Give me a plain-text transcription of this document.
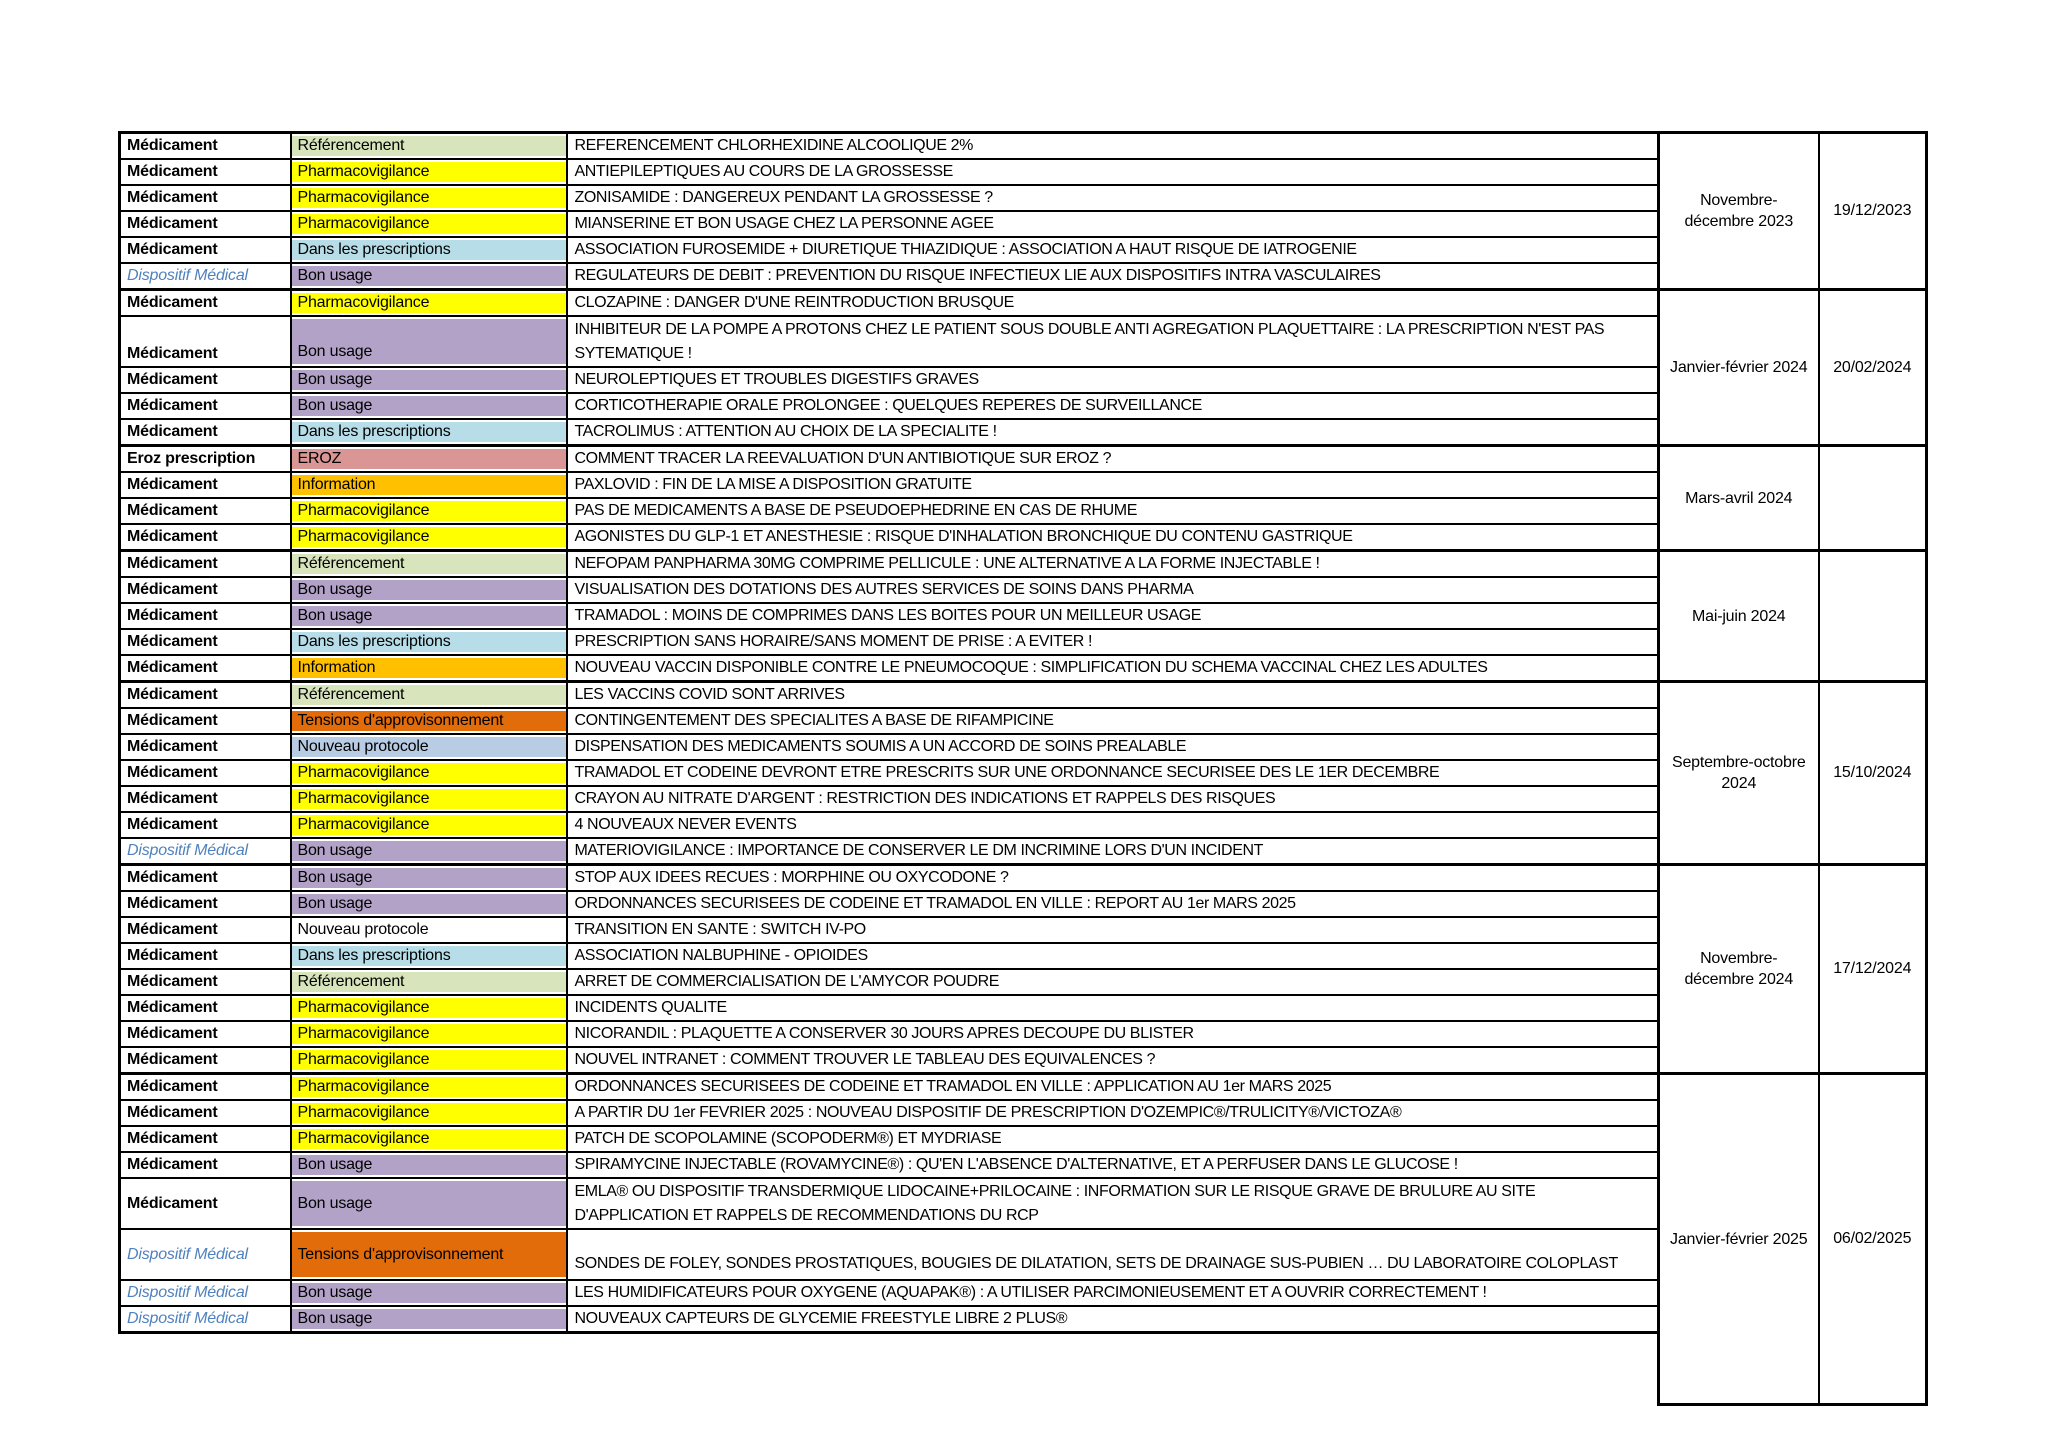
Médicament	Référencement	REFERENCEMENT CHLORHEXIDINE ALCOOLIQUE 2%	Novembre-décembre 2023	19/12/2023
Médicament	Pharmacovigilance	ANTIEPILEPTIQUES AU COURS DE LA GROSSESSE		
Médicament	Pharmacovigilance	ZONISAMIDE : DANGEREUX PENDANT LA GROSSESSE ?		
Médicament	Pharmacovigilance	MIANSERINE ET BON USAGE CHEZ LA PERSONNE AGEE		
Médicament	Dans les prescriptions	ASSOCIATION FUROSEMIDE + DIURETIQUE THIAZIDIQUE : ASSOCIATION A HAUT RISQUE DE IATROGENIE		
Dispositif Médical	Bon usage	REGULATEURS DE DEBIT : PREVENTION DU RISQUE INFECTIEUX LIE AUX DISPOSITIFS INTRA VASCULAIRES		
Médicament	Pharmacovigilance	CLOZAPINE : DANGER D'UNE REINTRODUCTION BRUSQUE	Janvier-février 2024	20/02/2024
Médicament	Bon usage	INHIBITEUR DE LA POMPE A PROTONS CHEZ LE PATIENT SOUS DOUBLE ANTI AGREGATION PLAQUETTAIRE : LA PRESCRIPTION N'EST PAS SYTEMATIQUE !		
Médicament	Bon usage	NEUROLEPTIQUES ET TROUBLES DIGESTIFS GRAVES		
Médicament	Bon usage	CORTICOTHERAPIE ORALE PROLONGEE : QUELQUES REPERES DE SURVEILLANCE		
Médicament	Dans les prescriptions	TACROLIMUS : ATTENTION AU CHOIX DE LA SPECIALITE !		
Eroz prescription	EROZ	COMMENT TRACER LA REEVALUATION D'UN ANTIBIOTIQUE SUR EROZ ?	Mars-avril 2024	
Médicament	Information	PAXLOVID : FIN DE LA MISE A DISPOSITION GRATUITE		
Médicament	Pharmacovigilance	PAS DE MEDICAMENTS A BASE DE PSEUDOEPHEDRINE EN CAS DE RHUME		
Médicament	Pharmacovigilance	AGONISTES DU GLP-1 ET ANESTHESIE : RISQUE D'INHALATION BRONCHIQUE DU CONTENU GASTRIQUE		
Médicament	Référencement	NEFOPAM PANPHARMA 30MG COMPRIME PELLICULE : UNE ALTERNATIVE A LA FORME INJECTABLE !	Mai-juin 2024	
Médicament	Bon usage	VISUALISATION DES DOTATIONS DES AUTRES SERVICES DE SOINS DANS PHARMA		
Médicament	Bon usage	TRAMADOL : MOINS DE COMPRIMES DANS LES BOITES POUR UN MEILLEUR USAGE		
Médicament	Dans les prescriptions	PRESCRIPTION SANS HORAIRE/SANS MOMENT DE PRISE : A EVITER !		
Médicament	Information	NOUVEAU VACCIN DISPONIBLE CONTRE LE PNEUMOCOQUE : SIMPLIFICATION DU SCHEMA VACCINAL CHEZ LES ADULTES		
Médicament	Référencement	LES VACCINS COVID SONT ARRIVES	Septembre-octobre 2024	15/10/2024
Médicament	Tensions d'approvisonnement	CONTINGENTEMENT DES SPECIALITES A BASE DE RIFAMPICINE		
Médicament	Nouveau protocole	DISPENSATION DES MEDICAMENTS SOUMIS A UN ACCORD DE SOINS PREALABLE		
Médicament	Pharmacovigilance	TRAMADOL ET CODEINE DEVRONT ETRE PRESCRITS SUR UNE ORDONNANCE SECURISEE DES LE 1ER DECEMBRE		
Médicament	Pharmacovigilance	CRAYON AU NITRATE D'ARGENT : RESTRICTION DES INDICATIONS ET RAPPELS DES RISQUES		
Médicament	Pharmacovigilance	4 NOUVEAUX NEVER EVENTS		
Dispositif Médical	Bon usage	MATERIOVIGILANCE : IMPORTANCE DE CONSERVER LE DM INCRIMINE LORS D'UN INCIDENT		
Médicament	Bon usage	STOP AUX IDEES RECUES : MORPHINE OU OXYCODONE ?	Novembre-décembre 2024	17/12/2024
Médicament	Bon usage	ORDONNANCES SECURISEES DE CODEINE ET TRAMADOL EN VILLE : REPORT AU 1er MARS 2025		
Médicament	Nouveau protocole	TRANSITION EN SANTE : SWITCH IV-PO		
Médicament	Dans les prescriptions	ASSOCIATION NALBUPHINE - OPIOIDES		
Médicament	Référencement	ARRET DE COMMERCIALISATION DE L'AMYCOR POUDRE		
Médicament	Pharmacovigilance	INCIDENTS QUALITE		
Médicament	Pharmacovigilance	NICORANDIL : PLAQUETTE A CONSERVER 30 JOURS APRES DECOUPE DU BLISTER		
Médicament	Pharmacovigilance	NOUVEL INTRANET : COMMENT TROUVER LE TABLEAU DES EQUIVALENCES ?		
Médicament	Pharmacovigilance	ORDONNANCES SECURISEES DE CODEINE ET TRAMADOL EN VILLE : APPLICATION AU 1er MARS 2025	Janvier-février 2025	06/02/2025
Médicament	Pharmacovigilance	A PARTIR DU 1er FEVRIER 2025 : NOUVEAU DISPOSITIF DE PRESCRIPTION D'OZEMPIC®/TRULICITY®/VICTOZA®		
Médicament	Pharmacovigilance	PATCH DE SCOPOLAMINE (SCOPODERM®) ET MYDRIASE		
Médicament	Bon usage	SPIRAMYCINE INJECTABLE (ROVAMYCINE®) : QU'EN L'ABSENCE D'ALTERNATIVE, ET A PERFUSER DANS LE GLUCOSE !		
Médicament	Bon usage	EMLA® OU DISPOSITIF TRANSDERMIQUE LIDOCAINE+PRILOCAINE : INFORMATION SUR LE RISQUE GRAVE DE BRULURE AU SITE D'APPLICATION ET RAPPELS DE RECOMMENDATIONS DU RCP		
Dispositif Médical	Tensions d'approvisonnement	SONDES DE FOLEY, SONDES PROSTATIQUES, BOUGIES DE DILATATION, SETS DE DRAINAGE SUS-PUBIEN … DU LABORATOIRE COLOPLAST		
Dispositif Médical	Bon usage	LES HUMIDIFICATEURS POUR OXYGENE (AQUAPAK®) : A UTILISER PARCIMONIEUSEMENT ET A OUVRIR CORRECTEMENT !		
Dispositif Médical	Bon usage	NOUVEAUX CAPTEURS DE GLYCEMIE FREESTYLE LIBRE 2 PLUS®		
